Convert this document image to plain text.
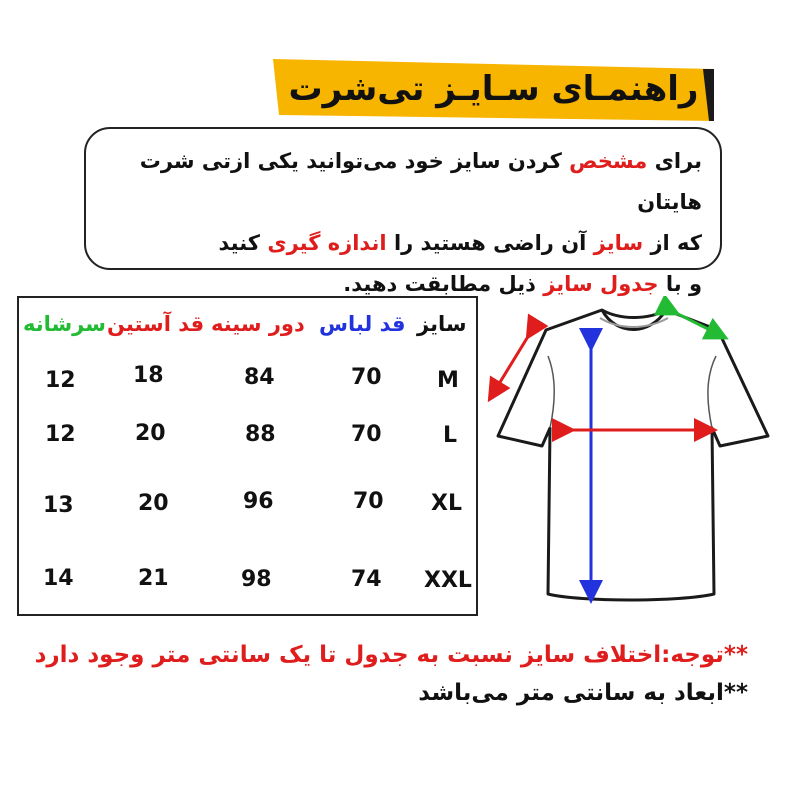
راهنمـای سـایـز تی‌شرت
برای مشخص کردن سایز خود می‌توانید یکی ازتی شرت هایتان
که از سایز آن راضی هستید را اندازه گیری کنید
و با جدول سایز ذیل مطابقت دهید.
سایز
قد لباس
دور سینه
قد آستین
سرشانه
M
70
84
18
12
L
70
88
20
12
XL
70
96
20
13
XXL
74
98
21
14
**توجه:اختلاف سایز نسبت به جدول تا یک سانتی متر وجود دارد
**ابعاد به سانتی متر می‌باشد
